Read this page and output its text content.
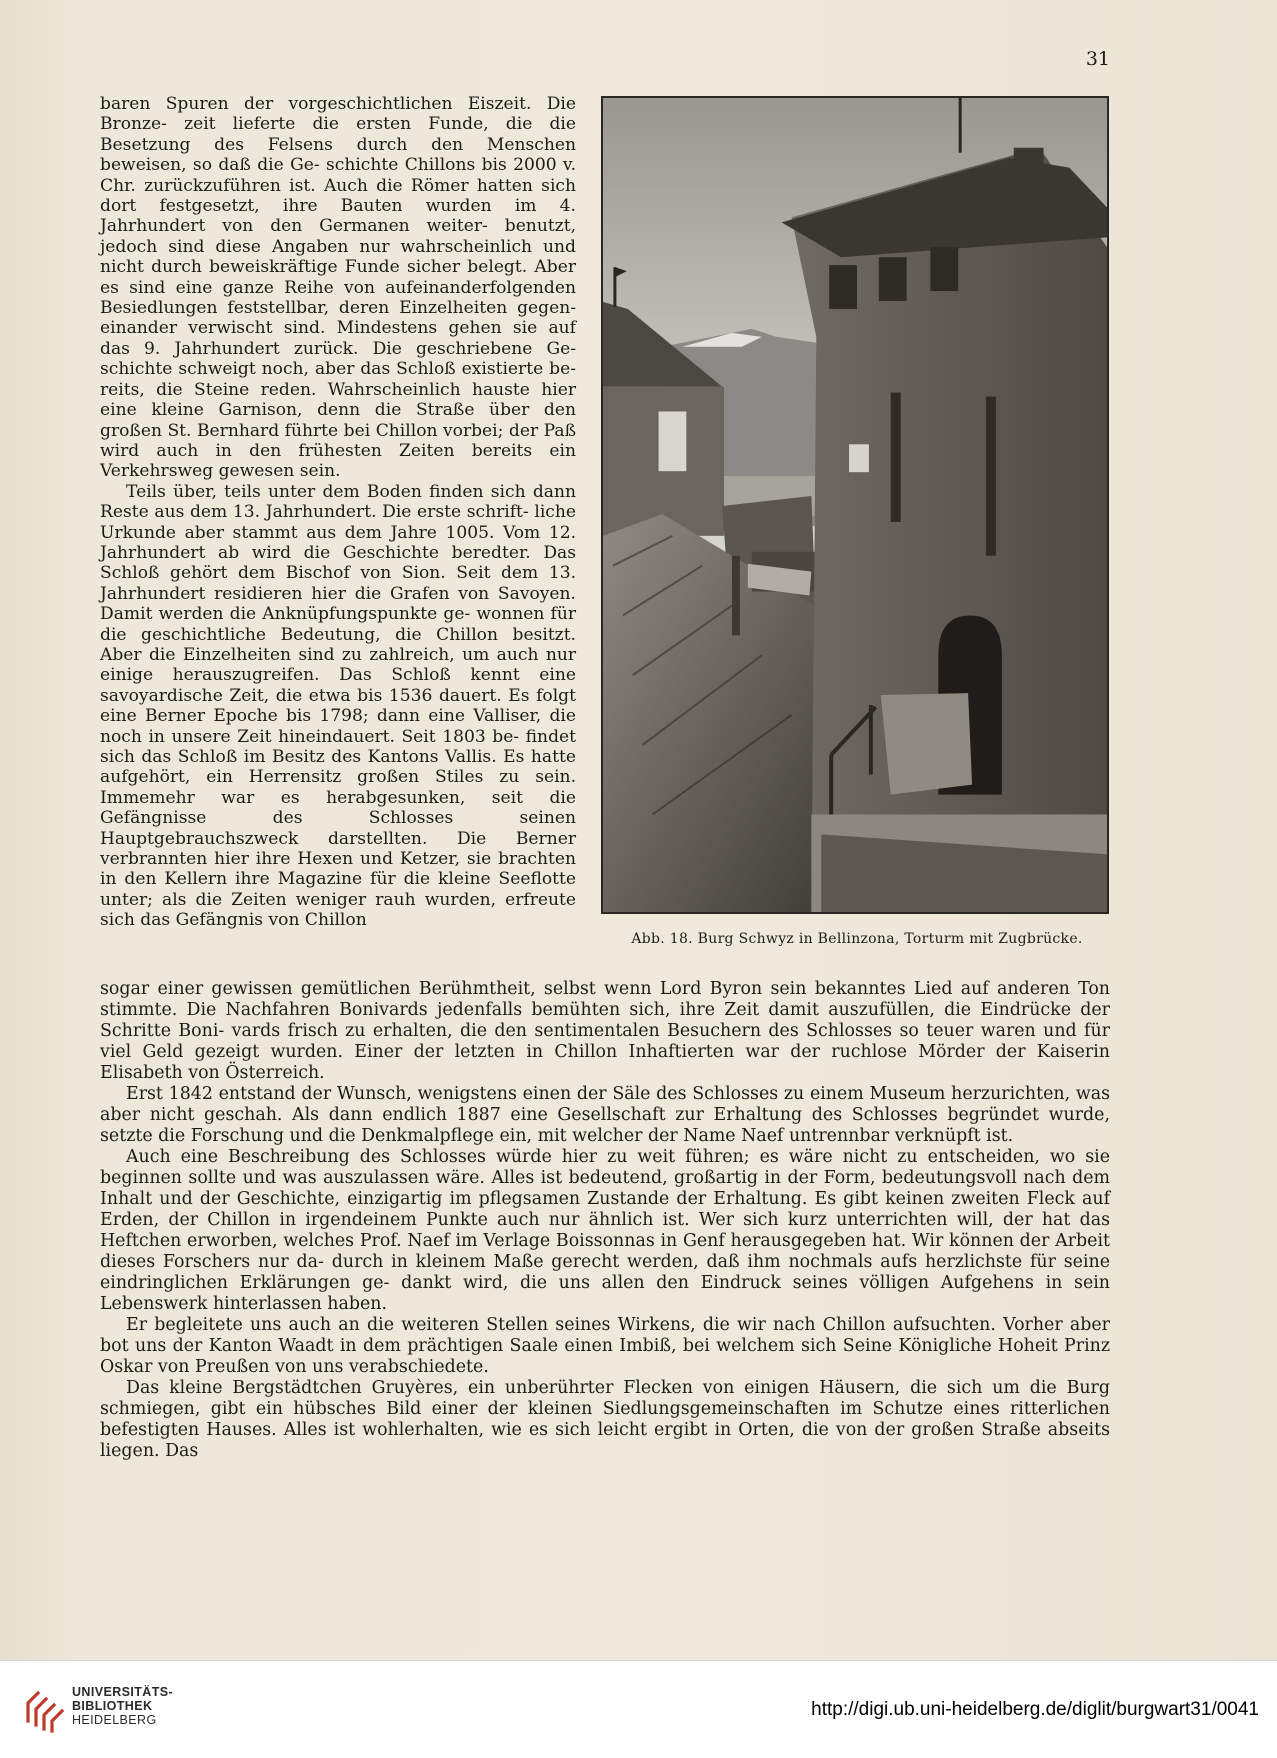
31

baren Spuren der vorgeschichtlichen Eiszeit. Die Bronze- zeit lieferte die ersten Funde, die die Besetzung des Felsens durch den Menschen beweisen, so daß die Ge- schichte Chillons bis 2000 v. Chr. zurückzuführen ist. Auch die Römer hatten sich dort festgesetzt, ihre Bauten wurden im 4. Jahrhundert von den Germanen weiter- benutzt, jedoch sind diese Angaben nur wahrscheinlich und nicht durch beweiskräftige Funde sicher belegt. Aber es sind eine ganze Reihe von aufeinanderfolgenden Besiedlungen feststellbar, deren Einzelheiten gegen- einander verwischt sind. Mindestens gehen sie auf das 9. Jahrhundert zurück. Die geschriebene Ge- schichte schweigt noch, aber das Schloß existierte be- reits, die Steine reden. Wahrscheinlich hauste hier eine kleine Garnison, denn die Straße über den großen St. Bernhard führte bei Chillon vorbei; der Paß wird auch in den frühesten Zeiten bereits ein Verkehrsweg gewesen sein.

Teils über, teils unter dem Boden finden sich dann Reste aus dem 13. Jahrhundert. Die erste schrift- liche Urkunde aber stammt aus dem Jahre 1005. Vom 12. Jahrhundert ab wird die Geschichte beredter. Das Schloß gehört dem Bischof von Sion. Seit dem 13. Jahrhundert residieren hier die Grafen von Savoyen. Damit werden die Anknüpfungspunkte ge- wonnen für die geschichtliche Bedeutung, die Chillon besitzt. Aber die Einzelheiten sind zu zahlreich, um auch nur einige herauszugreifen. Das Schloß kennt eine savoyardische Zeit, die etwa bis 1536 dauert. Es folgt eine Berner Epoche bis 1798; dann eine Valliser, die noch in unsere Zeit hineindauert. Seit 1803 be- findet sich das Schloß im Besitz des Kantons Vallis. Es hatte aufgehört, ein Herrensitz großen Stiles zu sein. Immemehr war es herabgesunken, seit die Gefängnisse des Schlosses seinen Hauptgebrauchszweck darstellten. Die Berner verbrannten hier ihre Hexen und Ketzer, sie brachten in den Kellern ihre Magazine für die kleine Seeflotte unter; als die Zeiten weniger rauh wurden, erfreute sich das Gefängnis von Chillon

Abb. 18. Burg Schwyz in Bellinzona, Torturm mit Zugbrücke.

sogar einer gewissen gemütlichen Berühmtheit, selbst wenn Lord Byron sein bekanntes Lied auf anderen Ton stimmte. Die Nachfahren Bonivards jedenfalls bemühten sich, ihre Zeit damit auszufüllen, die Eindrücke der Schritte Boni- vards frisch zu erhalten, die den sentimentalen Besuchern des Schlosses so teuer waren und für viel Geld gezeigt wurden. Einer der letzten in Chillon Inhaftierten war der ruchlose Mörder der Kaiserin Elisabeth von Österreich.

Erst 1842 entstand der Wunsch, wenigstens einen der Säle des Schlosses zu einem Museum herzurichten, was aber nicht geschah. Als dann endlich 1887 eine Gesellschaft zur Erhaltung des Schlosses begründet wurde, setzte die Forschung und die Denkmalpflege ein, mit welcher der Name Naef untrennbar verknüpft ist.

Auch eine Beschreibung des Schlosses würde hier zu weit führen; es wäre nicht zu entscheiden, wo sie beginnen sollte und was auszulassen wäre. Alles ist bedeutend, großartig in der Form, bedeutungsvoll nach dem Inhalt und der Geschichte, einzigartig im pflegsamen Zustande der Erhaltung. Es gibt keinen zweiten Fleck auf Erden, der Chillon in irgendeinem Punkte auch nur ähnlich ist. Wer sich kurz unterrichten will, der hat das Heftchen erworben, welches Prof. Naef im Verlage Boissonnas in Genf herausgegeben hat. Wir können der Arbeit dieses Forschers nur da- durch in kleinem Maße gerecht werden, daß ihm nochmals aufs herzlichste für seine eindringlichen Erklärungen ge- dankt wird, die uns allen den Eindruck seines völligen Aufgehens in sein Lebenswerk hinterlassen haben.

Er begleitete uns auch an die weiteren Stellen seines Wirkens, die wir nach Chillon aufsuchten. Vorher aber bot uns der Kanton Waadt in dem prächtigen Saale einen Imbiß, bei welchem sich Seine Königliche Hoheit Prinz Oskar von Preußen von uns verabschiedete.

Das kleine Bergstädtchen Gruyères, ein unberührter Flecken von einigen Häusern, die sich um die Burg schmiegen, gibt ein hübsches Bild einer der kleinen Siedlungsgemeinschaften im Schutze eines ritterlichen befestigten Hauses. Alles ist wohlerhalten, wie es sich leicht ergibt in Orten, die von der großen Straße abseits liegen. Das

UNIVERSITÄTS-
BIBLIOTHEK
HEIDELBERG	http://digi.ub.uni-heidelberg.de/diglit/burgwart31/0041
